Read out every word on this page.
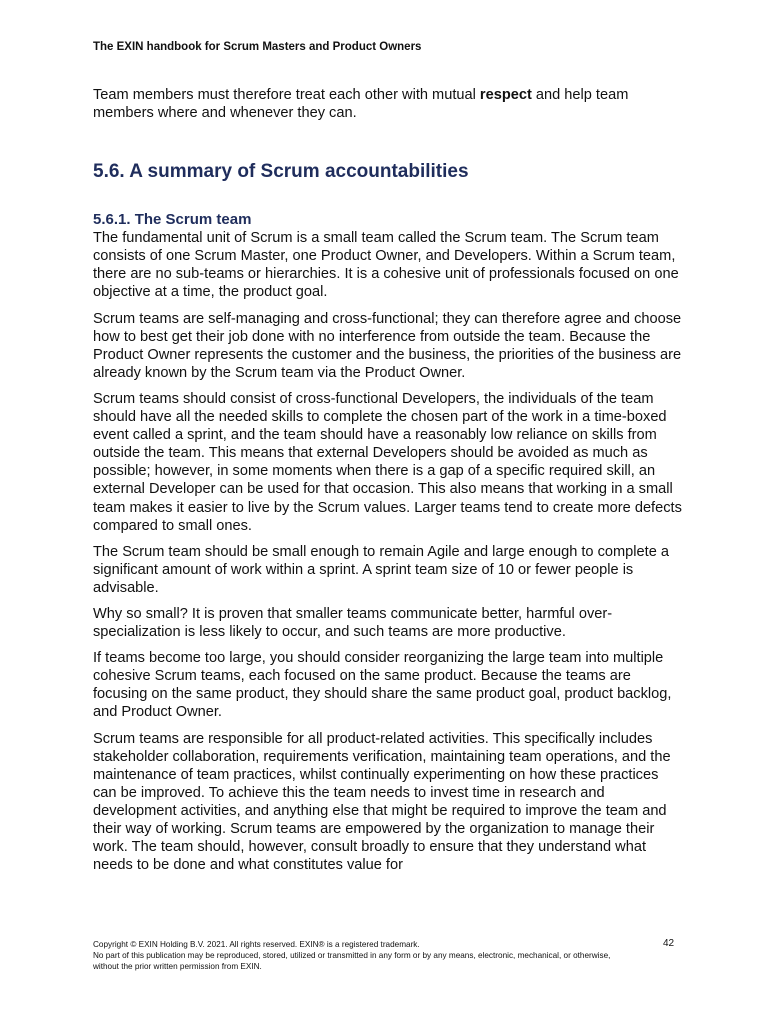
The EXIN handbook for Scrum Masters and Product Owners

Team members must therefore treat each other with mutual respect and help team members where and whenever they can.

5.6. A summary of Scrum accountabilities
5.6.1. The Scrum team

The fundamental unit of Scrum is a small team called the Scrum team. The Scrum team consists of one Scrum Master, one Product Owner, and Developers. Within a Scrum team, there are no sub-teams or hierarchies. It is a cohesive unit of professionals focused on one objective at a time, the product goal.

Scrum teams are self-managing and cross-functional; they can therefore agree and choose how to best get their job done with no interference from outside the team. Because the Product Owner represents the customer and the business, the priorities of the business are already known by the Scrum team via the Product Owner.

Scrum teams should consist of cross-functional Developers, the individuals of the team should have all the needed skills to complete the chosen part of the work in a time-boxed event called a sprint, and the team should have a reasonably low reliance on skills from outside the team. This means that external Developers should be avoided as much as possible; however, in some moments when there is a gap of a specific required skill, an external Developer can be used for that occasion. This also means that working in a small team makes it easier to live by the Scrum values. Larger teams tend to create more defects compared to small ones.

The Scrum team should be small enough to remain Agile and large enough to complete a significant amount of work within a sprint. A sprint team size of 10 or fewer people is advisable.

Why so small? It is proven that smaller teams communicate better, harmful over-specialization is less likely to occur, and such teams are more productive.

If teams become too large, you should consider reorganizing the large team into multiple cohesive Scrum teams, each focused on the same product. Because the teams are focusing on the same product, they should share the same product goal, product backlog, and Product Owner.

Scrum teams are responsible for all product-related activities. This specifically includes stakeholder collaboration, requirements verification, maintaining team operations, and the maintenance of team practices, whilst continually experimenting on how these practices can be improved. To achieve this the team needs to invest time in research and development activities, and anything else that might be required to improve the team and their way of working. Scrum teams are empowered by the organization to manage their work. The team should, however, consult broadly to ensure that they understand what needs to be done and what constitutes value for

42
Copyright © EXIN Holding B.V. 2021. All rights reserved. EXIN® is a registered trademark.
No part of this publication may be reproduced, stored, utilized or transmitted in any form or by any means, electronic, mechanical, or otherwise,
without the prior written permission from EXIN.
